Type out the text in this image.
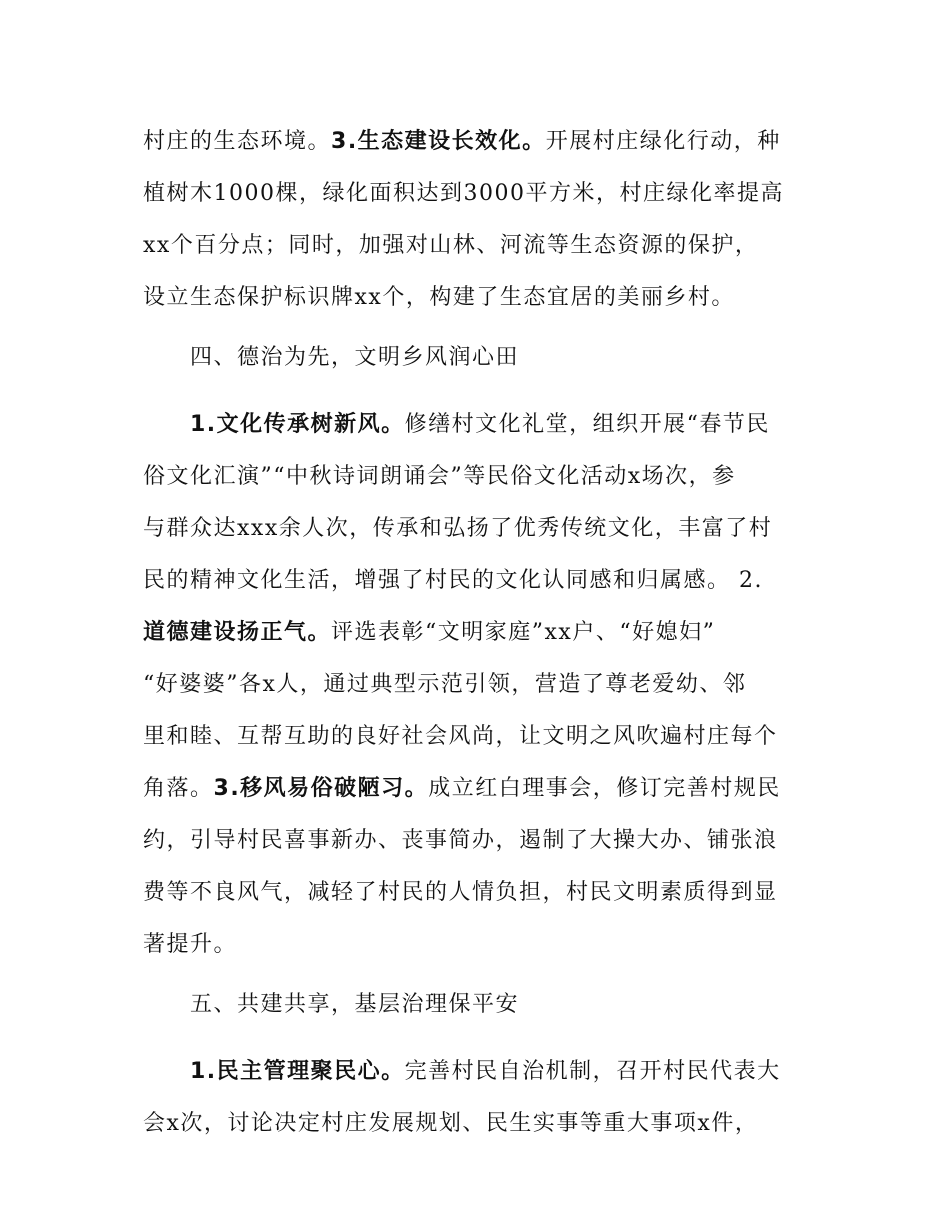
村庄的生态环境。3.生态建设长效化。开展村庄绿化行动，种
植树木1000棵，绿化面积达到3000平方米，村庄绿化率提高
xx个百分点；同时，加强对山林、河流等生态资源的保护，
设立生态保护标识牌xx个，构建了生态宜居的美丽乡村。
四、德治为先，文明乡风润心田
1.文化传承树新风。修缮村文化礼堂，组织开展“春节民
俗文化汇演”“中秋诗词朗诵会”等民俗文化活动x场次，参
与群众达xxx余人次，传承和弘扬了优秀传统文化，丰富了村
民的精神文化生活，增强了村民的文化认同感和归属感。 2.
道德建设扬正气。评选表彰“文明家庭”xx户、“好媳妇”
“好婆婆”各x人，通过典型示范引领，营造了尊老爱幼、邻
里和睦、互帮互助的良好社会风尚，让文明之风吹遍村庄每个
角落。3.移风易俗破陋习。成立红白理事会，修订完善村规民
约，引导村民喜事新办、丧事简办，遏制了大操大办、铺张浪
费等不良风气，减轻了村民的人情负担，村民文明素质得到显
著提升。
五、共建共享，基层治理保平安
1.民主管理聚民心。完善村民自治机制，召开村民代表大
会x次，讨论决定村庄发展规划、民生实事等重大事项x件，
